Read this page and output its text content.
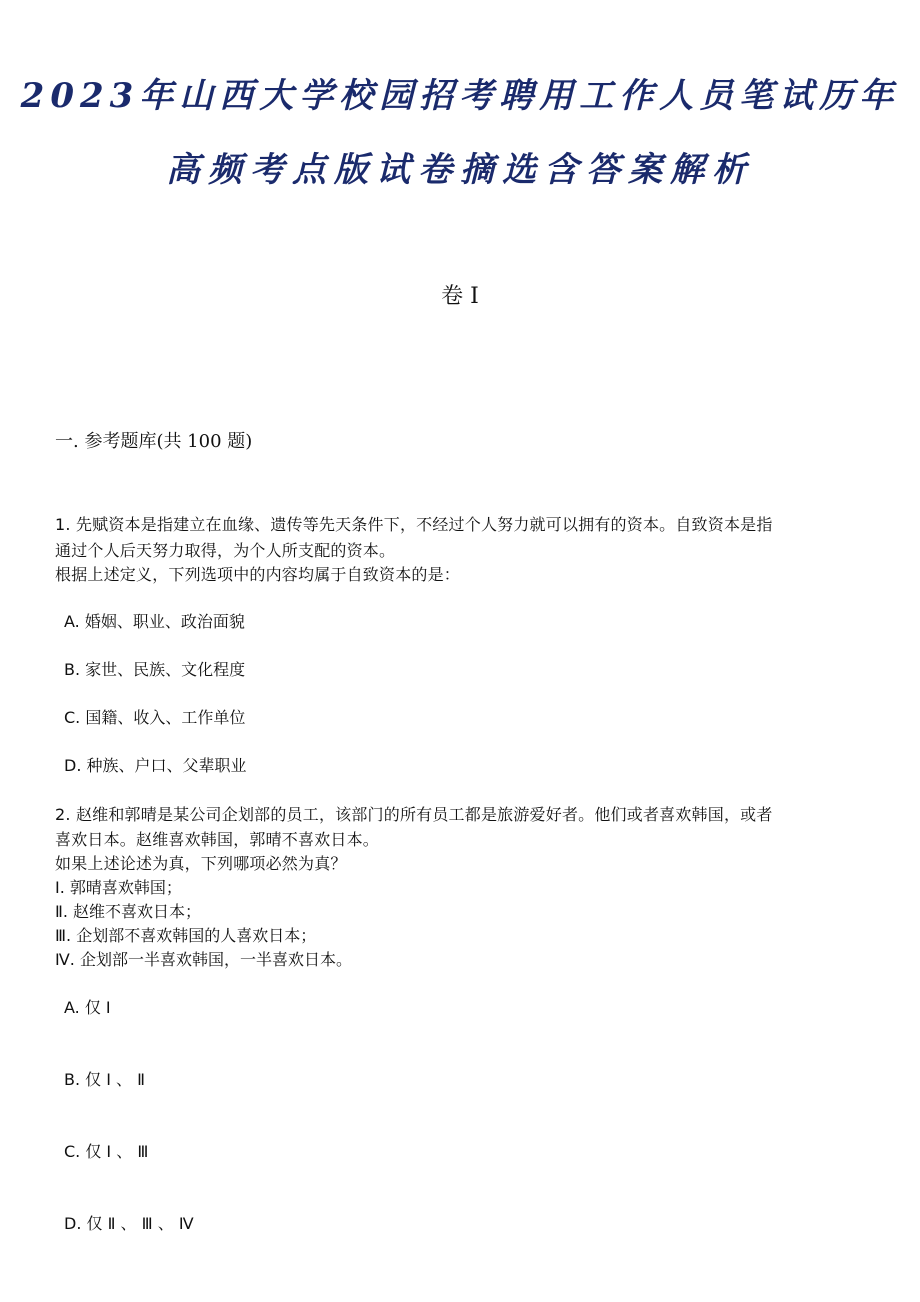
2023年山西大学校园招考聘用工作人员笔试历年
高频考点版试卷摘选含答案解析
卷 I
一. 参考题库(共 100 题)
1. 先赋资本是指建立在血缘、遗传等先天条件下，不经过个人努力就可以拥有的资本。自致资本是指
通过个人后天努力取得，为个人所支配的资本。
根据上述定义，下列选项中的内容均属于自致资本的是：
A. 婚姻、职业、政治面貌
B. 家世、民族、文化程度
C. 国籍、收入、工作单位
D. 种族、户口、父辈职业
2. 赵维和郭晴是某公司企划部的员工，该部门的所有员工都是旅游爱好者。他们或者喜欢韩国，或者
喜欢日本。赵维喜欢韩国，郭晴不喜欢日本。
如果上述论述为真，下列哪项必然为真？
Ⅰ. 郭晴喜欢韩国；
Ⅱ. 赵维不喜欢日本；
Ⅲ. 企划部不喜欢韩国的人喜欢日本；
Ⅳ. 企划部一半喜欢韩国，一半喜欢日本。
A. 仅 Ⅰ
B. 仅 Ⅰ 、 Ⅱ
C. 仅 Ⅰ 、 Ⅲ
D. 仅 Ⅱ 、 Ⅲ 、 Ⅳ
